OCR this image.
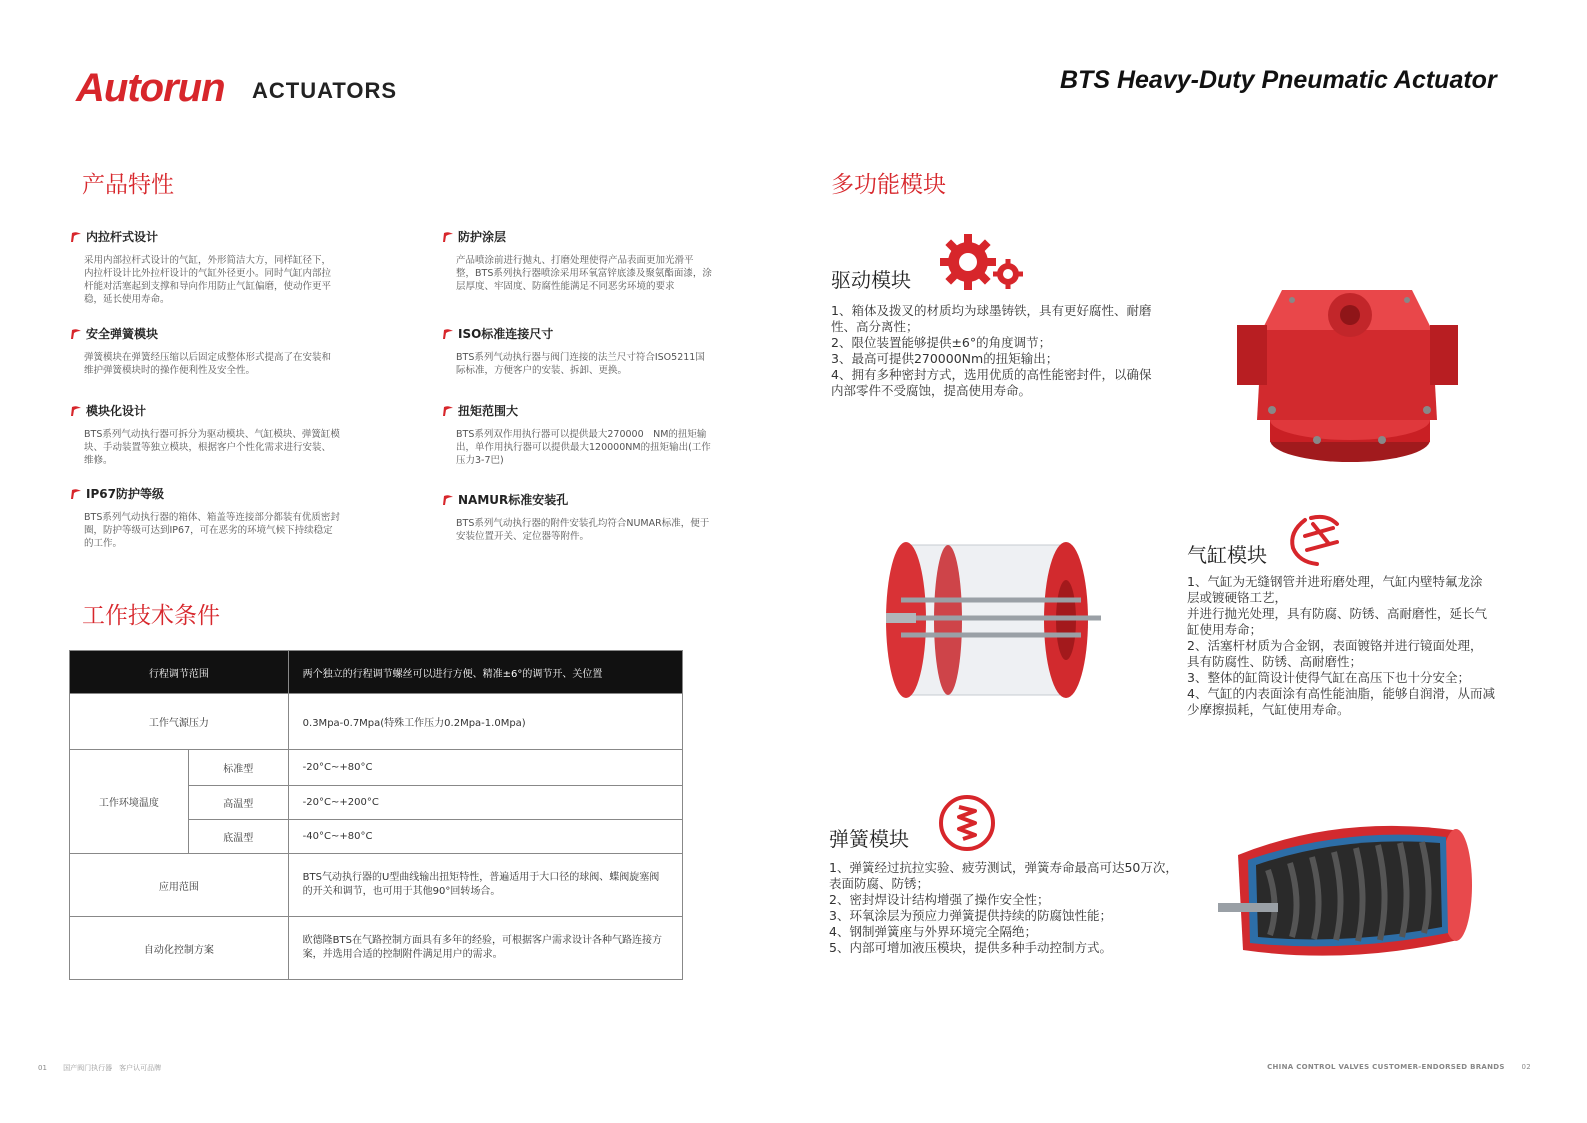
Autorun ACTUATORS	BTS Heavy-Duty Pneumatic Actuator
产品特性
内拉杆式设计
采用内部拉杆式设计的气缸，外形简洁大方，同样缸径下，内拉杆设计比外拉杆设计的气缸外径更小。同时气缸内部拉杆能对活塞起到支撑和导向作用防止气缸偏磨，使动作更平稳，延长使用寿命。
安全弹簧模块
弹簧模块在弹簧经压缩以后固定成整体形式提高了在安装和维护弹簧模块时的操作便利性及安全性。
模块化设计
BTS系列气动执行器可拆分为驱动模块、气缸模块、弹簧缸模块、手动装置等独立模块，根据客户个性化需求进行安装、维修。
IP67防护等级
BTS系列气动执行器的箱体、箱盖等连接部分都装有优质密封圈，防护等级可达到IP67，可在恶劣的环境气候下持续稳定的工作。
防护涂层
产品喷涂前进行抛丸、打磨处理使得产品表面更加光滑平整，BTS系列执行器喷涂采用环氧富锌底漆及聚氨酯面漆，涂层厚度、牢固度、防腐性能满足不同恶劣环境的要求
ISO标准连接尺寸
BTS系列气动执行器与阀门连接的法兰尺寸符合ISO5211国际标准，方便客户的安装、拆卸、更换。
扭矩范围大
BTS系列双作用执行器可以提供最大270000　NM的扭矩输出，单作用执行器可以提供最大120000NM的扭矩输出(工作压力3-7巴)
NAMUR标准安装孔
BTS系列气动执行器的附件安装孔均符合NUMAR标准，便于安装位置开关、定位器等附件。
工作技术条件
行程调节范围		两个独立的行程调节螺丝可以进行方便、精准±6°的调节开、关位置
工作气源压力		0.3Mpa-0.7Mpa(特殊工作压力0.2Mpa-1.0Mpa)
工作环境温度	标准型	-20°C~+80°C
	高温型	-20°C~+200°C
	底温型	-40°C~+80°C
应用范围		BTS气动执行器的U型曲线输出扭矩特性，普遍适用于大口径的球阀、蝶阀旋塞阀的开关和调节，也可用于其他90°回转场合。
自动化控制方案		欧德隆BTS在气路控制方面具有多年的经验，可根据客户需求设计各种气路连接方案，并选用合适的控制附件满足用户的需求。
多功能模块
驱动模块
1、箱体及拨叉的材质均为球墨铸铁，具有更好腐性、耐磨
性、高分离性；
2、限位装置能够提供±6°的角度调节；
3、最高可提供270000Nm的扭矩输出；
4、拥有多种密封方式，选用优质的高性能密封件，以确保
内部零件不受腐蚀，提高使用寿命。
气缸模块
1、气缸为无缝钢管并进珩磨处理，气缸内壁特氟龙涂
层或镀硬铬工艺，
并进行抛光处理，具有防腐、防锈、高耐磨性，延长气
缸使用寿命；
2、活塞杆材质为合金钢，表面镀铬并进行镜面处理，
具有防腐性、防锈、高耐磨性；
3、整体的缸筒设计使得气缸在高压下也十分安全；
4、气缸的内表面涂有高性能油脂，能够自润滑，从而减
少摩擦损耗，气缸使用寿命。
弹簧模块
1、弹簧经过抗拉实验、疲劳测试，弹簧寿命最高可达50万次，
表面防腐、防锈；
2、密封焊设计结构增强了操作安全性；
3、环氧涂层为预应力弹簧提供持续的防腐蚀性能；
4、钢制弹簧座与外界环境完全隔绝；
5、内部可增加液压模块，提供多种手动控制方式。
01 国产阀门执行器　客户认可品牌	CHINA CONTROL VALVES CUSTOMER-ENDORSED BRANDS 02
